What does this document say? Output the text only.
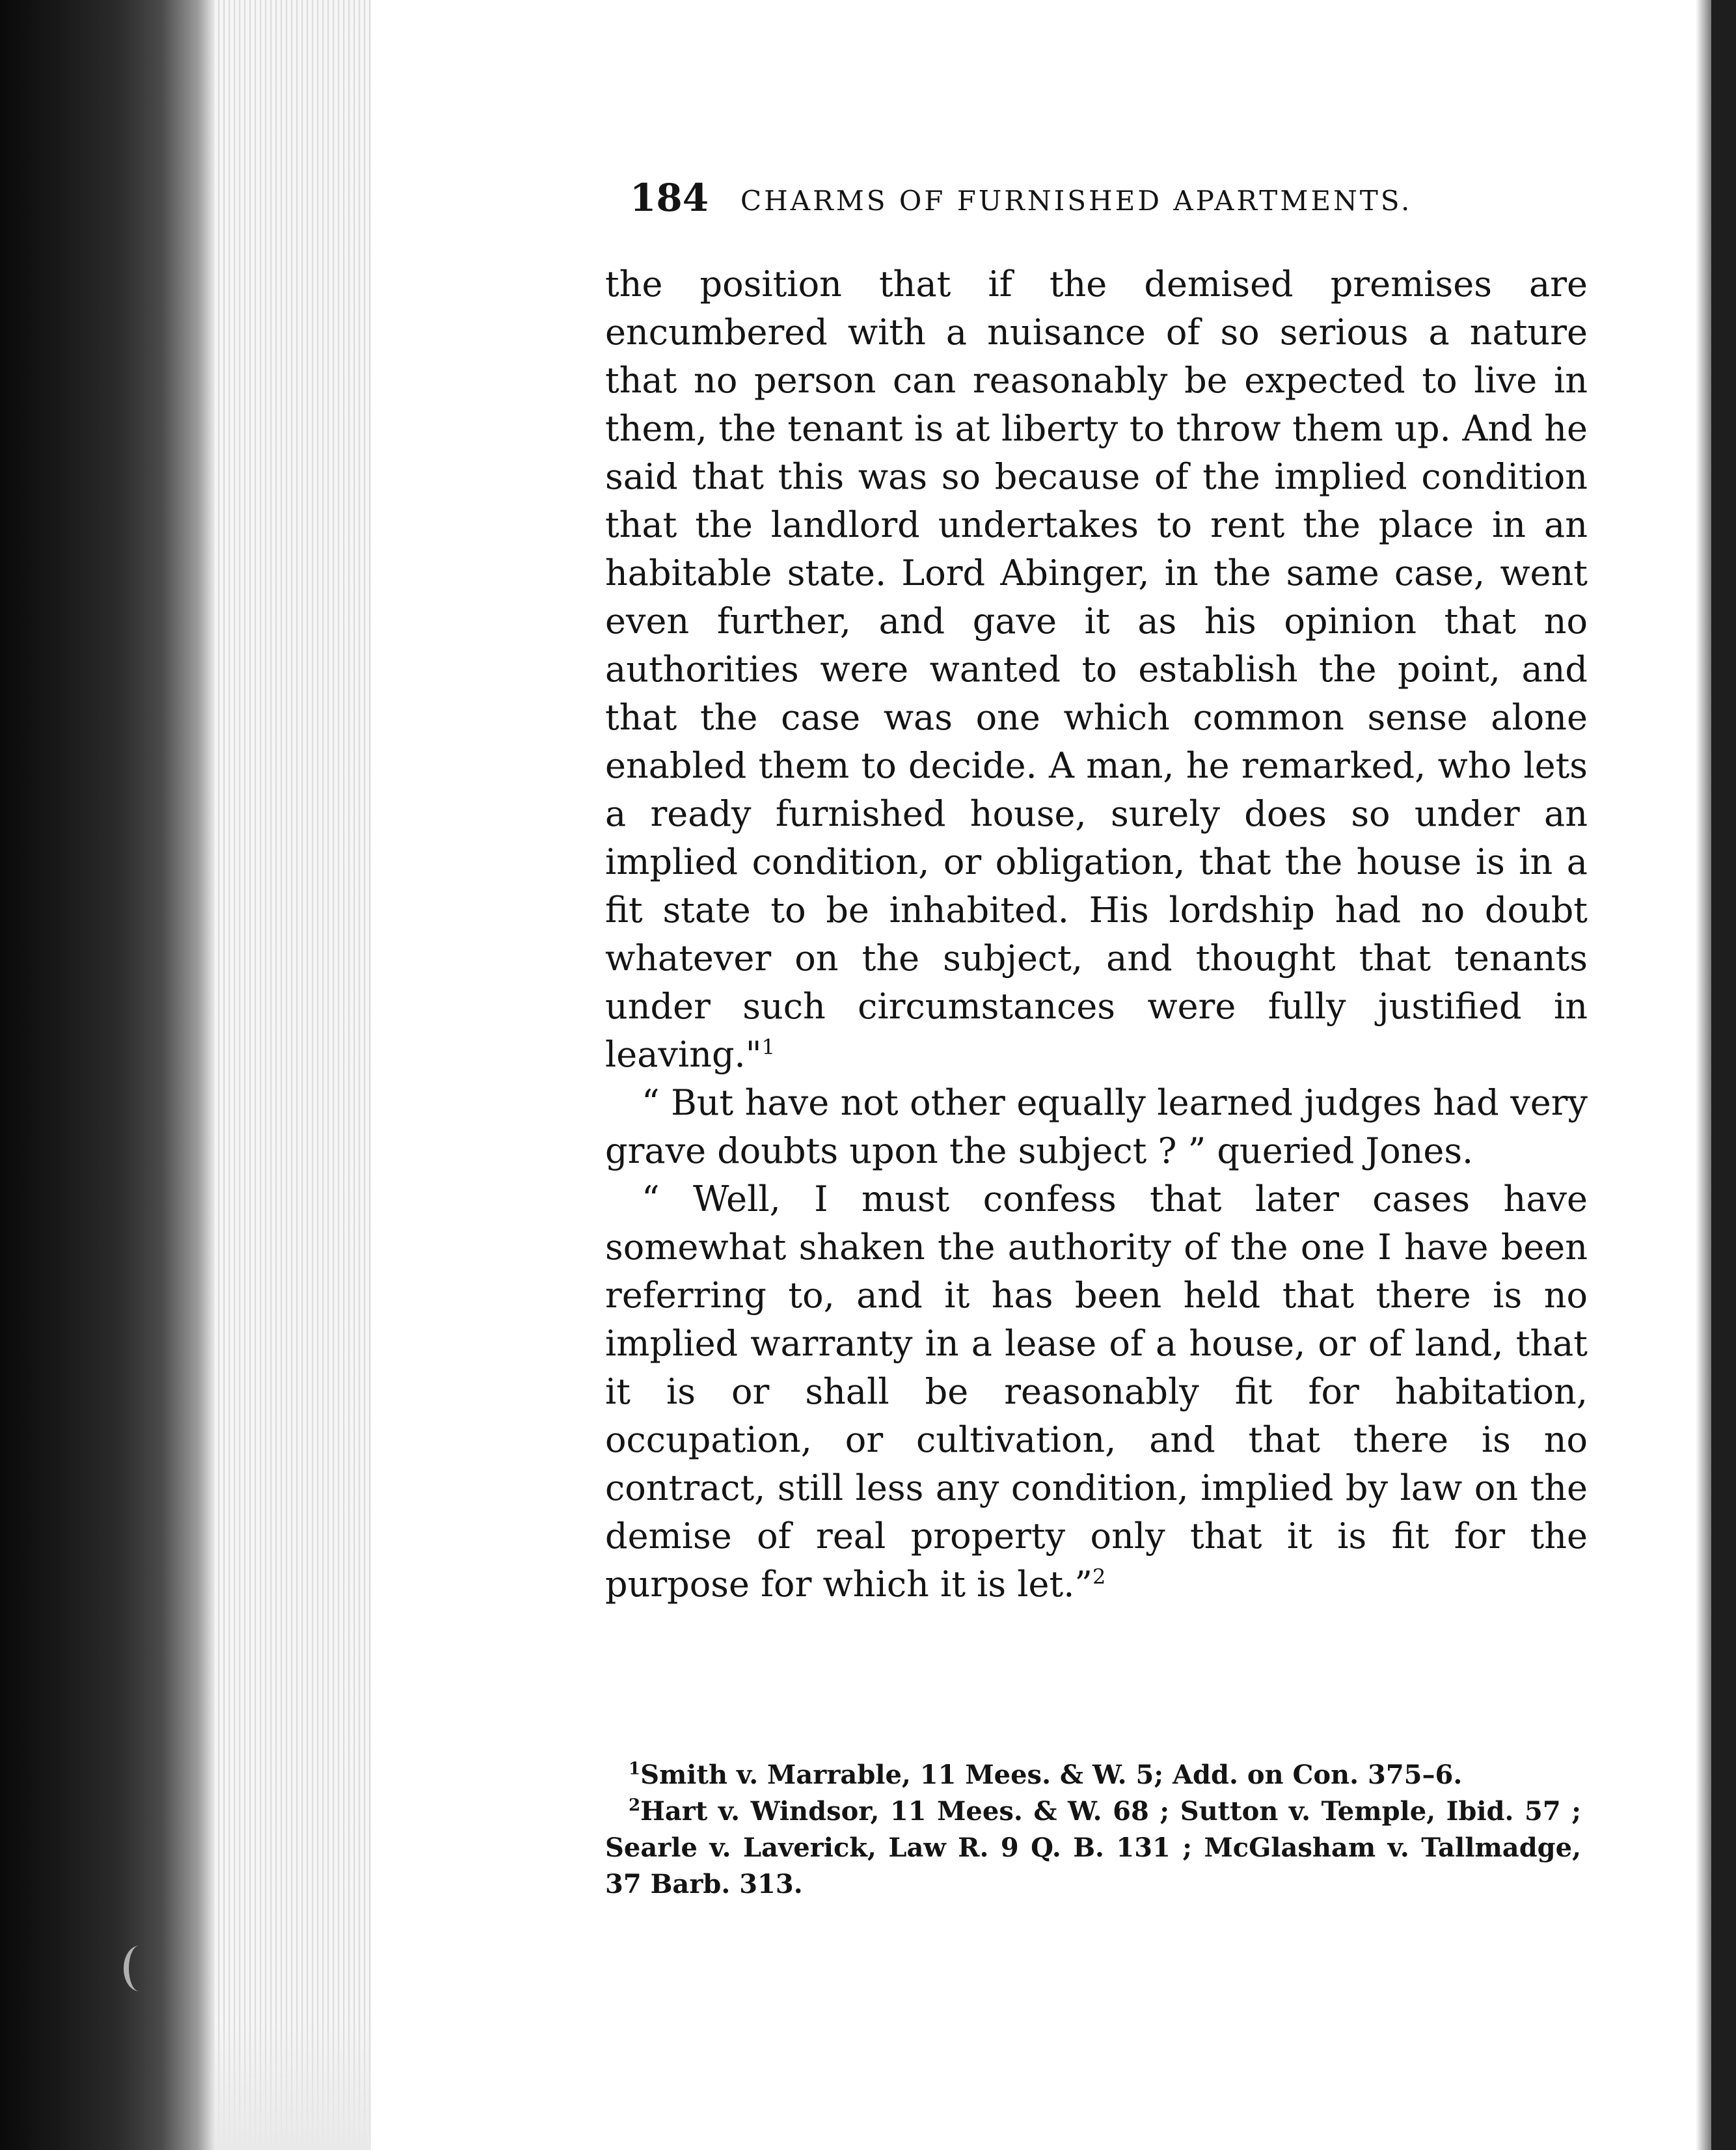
184 CHARMS OF FURNISHED APARTMENTS.

the position that if the demised premises are encumbered with a nuisance of so serious a nature that no person can reasonably be expected to live in them, the tenant is at liberty to throw them up. And he said that this was so because of the implied condition that the landlord undertakes to rent the place in an habitable state. Lord Abinger, in the same case, went even further, and gave it as his opinion that no authorities were wanted to establish the point, and that the case was one which common sense alone enabled them to decide. A man, he remarked, who lets a ready furnished house, surely does so under an implied condition, or obligation, that the house is in a fit state to be inhabited. His lordship had no doubt whatever on the subject, and thought that tenants under such circumstances were fully justified in leaving."$^1$

“ But have not other equally learned judges had very grave doubts upon the subject ? ” queried Jones.

“ Well, I must confess that later cases have somewhat shaken the authority of the one I have been referring to, and it has been held that there is no implied warranty in a lease of a house, or of land, that it is or shall be reasonably fit for habitation, occupation, or cultivation, and that there is no contract, still less any condition, implied by law on the demise of real property only that it is fit for the purpose for which it is let.”$^2$

$^1$Smith v. Marrable, 11 Mees. & W. 5; Add. on Con. 375–6.

$^2$Hart v. Windsor, 11 Mees. & W. 68 ; Sutton v. Temple, Ibid. 57 ; Searle v. Laverick, Law R. 9 Q. B. 131 ; McGlasham v. Tallmadge, 37 Barb. 313.
